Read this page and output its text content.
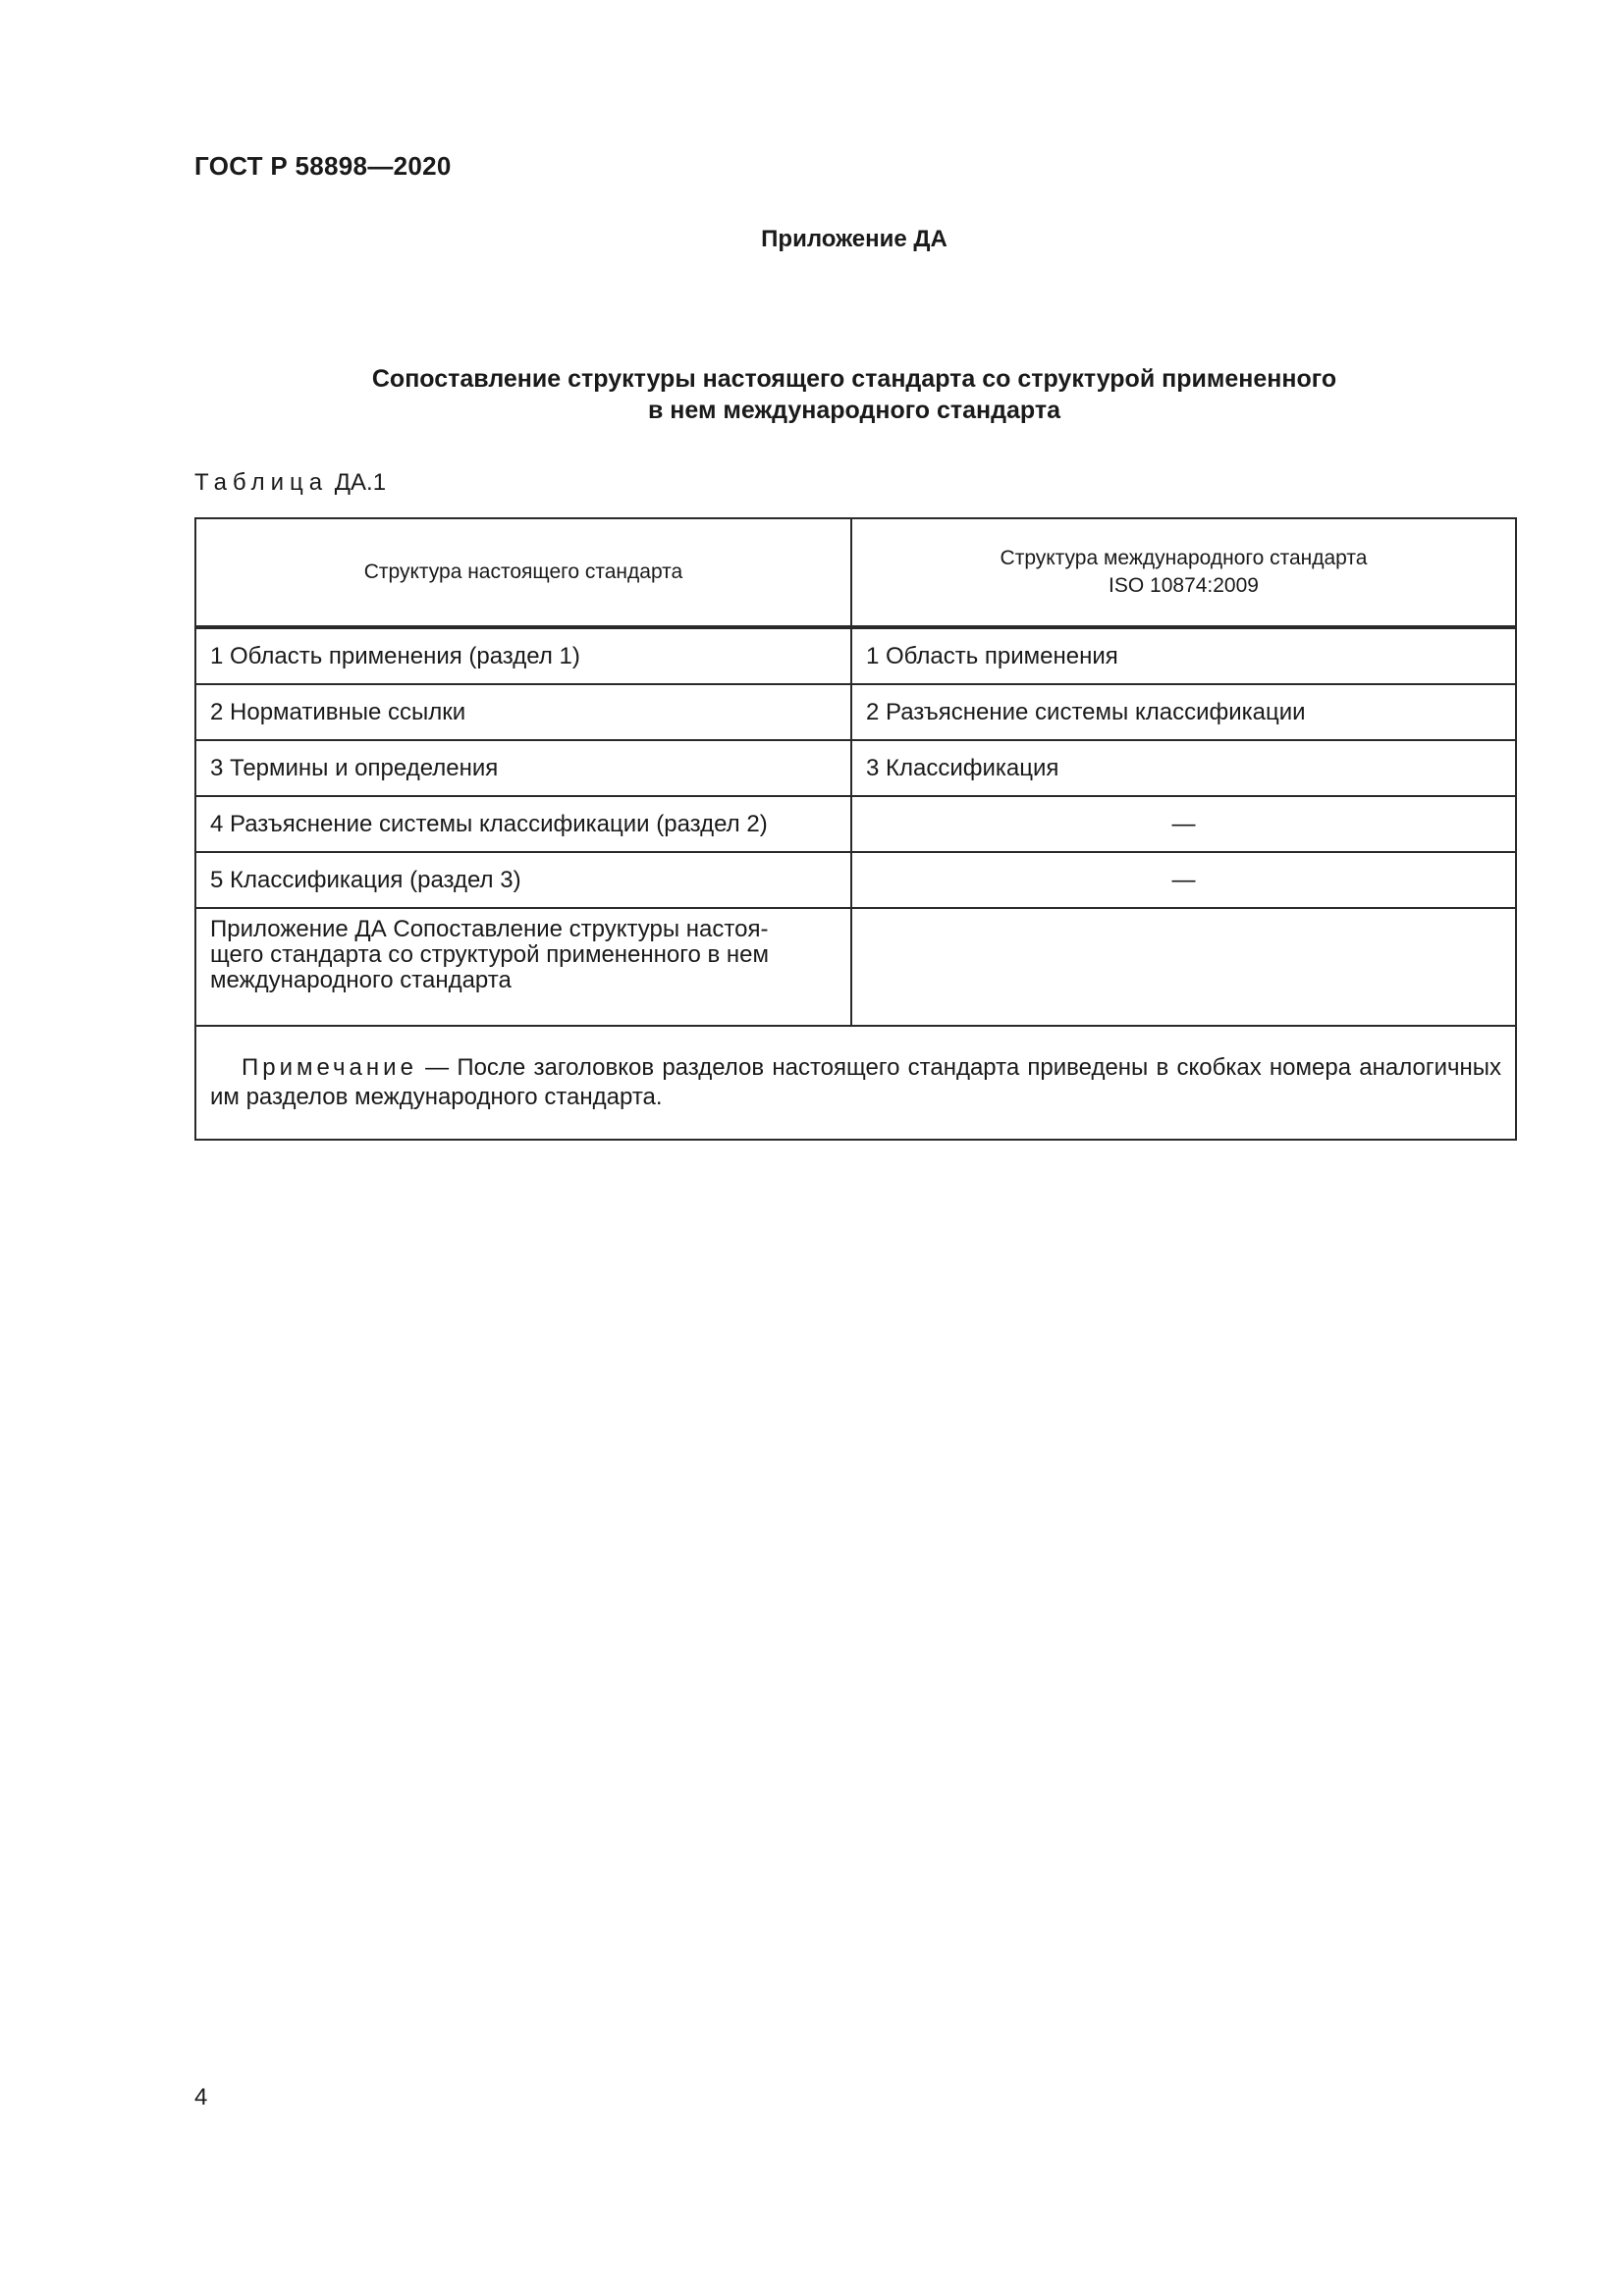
ГОСТ Р 58898—2020
Приложение ДА
Сопоставление структуры настоящего стандарта со структурой примененного
в нем международного стандарта
Таблица ДА.1
Структура настоящего стандарта	Структура международного стандарта
ISO 10874:2009

1 Область применения (раздел 1)	1 Область применения
2 Нормативные ссылки	2 Разъяснение системы классификации
3 Термины и определения	3 Классификация
4 Разъяснение системы классификации (раздел 2)	—
5 Классификация (раздел 3)	—

Приложение ДА Сопоставление структуры настоя-
щего стандарта со структурой примененного в нем
международного стандарта	

Примечание — После заголовков разделов настоящего стандарта приведены в скобках номера аналогичных им разделов международного стандарта.	
4
